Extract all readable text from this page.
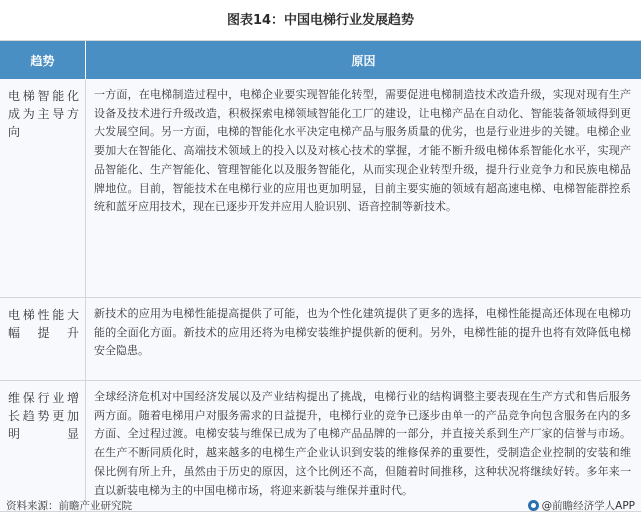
图表14：中国电梯行业发展趋势
趋势	原因
电梯智能化成为主导方向
一方面，在电梯制造过程中，电梯企业要实现智能化转型，需要促进电梯制造技术改造升级，实现对现有生产设备及技术进行升级改造，积极探索电梯领域智能化工厂的建设，让电梯产品在自动化、智能装备领域得到更大发展空间。另一方面，电梯的智能化水平决定电梯产品与服务质量的优劣，也是行业进步的关键。电梯企业要加大在智能化、高端技术领域上的投入以及对核心技术的掌握，才能不断升级电梯体系智能化水平，实现产品智能化、生产智能化、管理智能化以及服务智能化，从而实现企业转型升级，提升行业竞争力和民族电梯品牌地位。目前，智能技术在电梯行业的应用也更加明显，目前主要实施的领域有超高速电梯、电梯智能群控系统和蓝牙应用技术，现在已逐步开发并应用人脸识别、语音控制等新技术。
电梯性能大幅提升
新技术的应用为电梯性能提高提供了可能，也为个性化建筑提供了更多的选择，电梯性能提高还体现在电梯功能的全面化方面。新技术的应用还将为电梯安装维护提供新的便利。另外，电梯性能的提升也将有效降低电梯安全隐患。
维保行业增长趋势更加明显
全球经济危机对中国经济发展以及产业结构提出了挑战，电梯行业的结构调整主要表现在生产方式和售后服务两方面。随着电梯用户对服务需求的日益提升，电梯行业的竞争已逐步由单一的产品竞争向包含服务在内的多方面、全过程过渡。电梯安装与维保已成为了电梯产品品牌的一部分，并直接关系到生产厂家的信誉与市场。在生产不断同质化时，越来越多的电梯生产企业认识到安装的维修保养的重要性，受制造企业控制的安装和维保比例有所上升，虽然由于历史的原因，这个比例还不高，但随着时间推移，这种状况将继续好转。多年来一直以新装电梯为主的中国电梯市场，将迎来新装与维保并重时代。
资料来源：前瞻产业研究院	@前瞻经济学人APP
